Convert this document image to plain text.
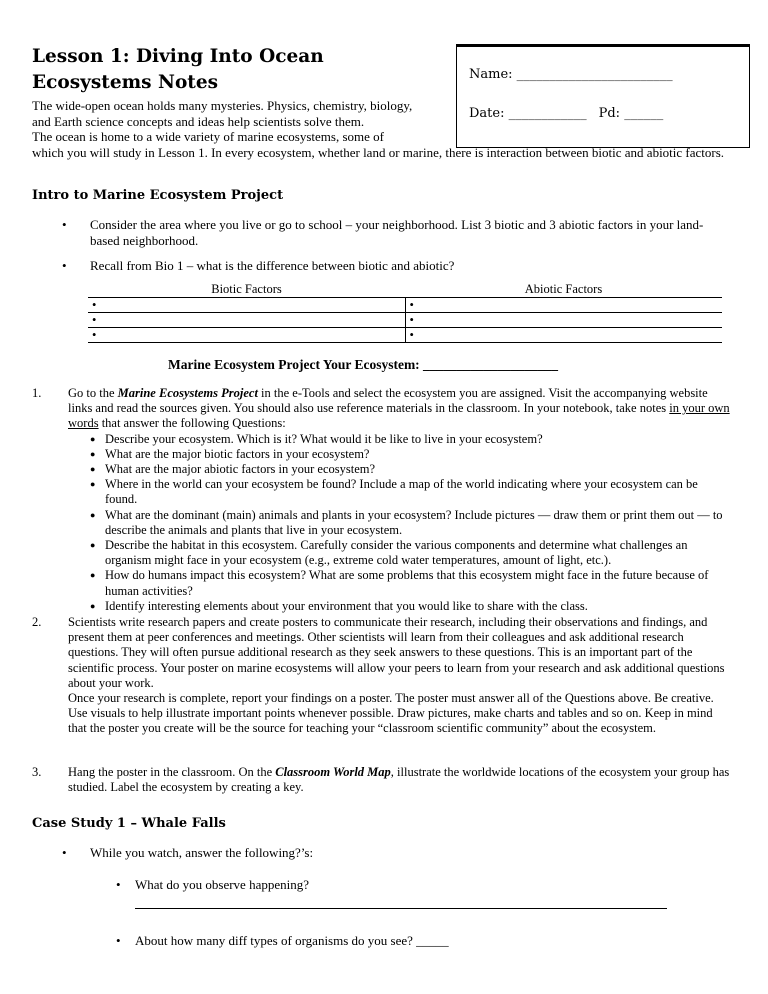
Lesson 1: Diving Into Ocean Ecosystems Notes	Name: ________________________
Date: ____________ Pd: ______
The wide-open ocean holds many mysteries. Physics, chemistry, biology,
and Earth science concepts and ideas help scientists solve them.
The ocean is home to a wide variety of marine ecosystems, some of
which you will study in Lesson 1. In every ecosystem, whether land or marine, there is interaction between biotic and abiotic factors.
Intro to Marine Ecosystem Project
• Consider the area where you live or go to school – your neighborhood. List 3 biotic and 3 abiotic factors in your land-based neighborhood.
• Recall from Bio 1 – what is the difference between biotic and abiotic?
Biotic Factors	Abiotic Factors
•	•
•	•
•	•
Marine Ecosystem Project Your Ecosystem: ____________________
1. Go to the Marine Ecosystems Project in the e-Tools and select the ecosystem you are assigned. Visit the accompanying website links and read the sources given. You should also use reference materials in the classroom. In your notebook, take notes in your own words that answer the following Questions:
● Describe your ecosystem. Which is it? What would it be like to live in your ecosystem?
● What are the major biotic factors in your ecosystem?
● What are the major abiotic factors in your ecosystem?
● Where in the world can your ecosystem be found? Include a map of the world indicating where your ecosystem can be found.
● What are the dominant (main) animals and plants in your ecosystem? Include pictures — draw them or print them out — to describe the animals and plants that live in your ecosystem.
● Describe the habitat in this ecosystem. Carefully consider the various components and determine what challenges an organism might face in your ecosystem (e.g., extreme cold water temperatures, amount of light, etc.).
● How do humans impact this ecosystem? What are some problems that this ecosystem might face in the future because of human activities?
● Identify interesting elements about your environment that you would like to share with the class.
2. Scientists write research papers and create posters to communicate their research, including their observations and findings, and present them at peer conferences and meetings. Other scientists will learn from their colleagues and ask additional research questions. They will often pursue additional research as they seek answers to these questions. This is an important part of the scientific process. Your poster on marine ecosystems will allow your peers to learn from your research and ask additional questions about your work.
Once your research is complete, report your findings on a poster. The poster must answer all of the Questions above. Be creative. Use visuals to help illustrate important points whenever possible. Draw pictures, make charts and tables and so on. Keep in mind that the poster you create will be the source for teaching your “classroom scientific community” about the ecosystem.
3. Hang the poster in the classroom. On the Classroom World Map, illustrate the worldwide locations of the ecosystem your group has studied. Label the ecosystem by creating a key.
Case Study 1 – Whale Falls
• While you watch, answer the following?’s:
• What do you observe happening?
• About how many diff types of organisms do you see? _____
